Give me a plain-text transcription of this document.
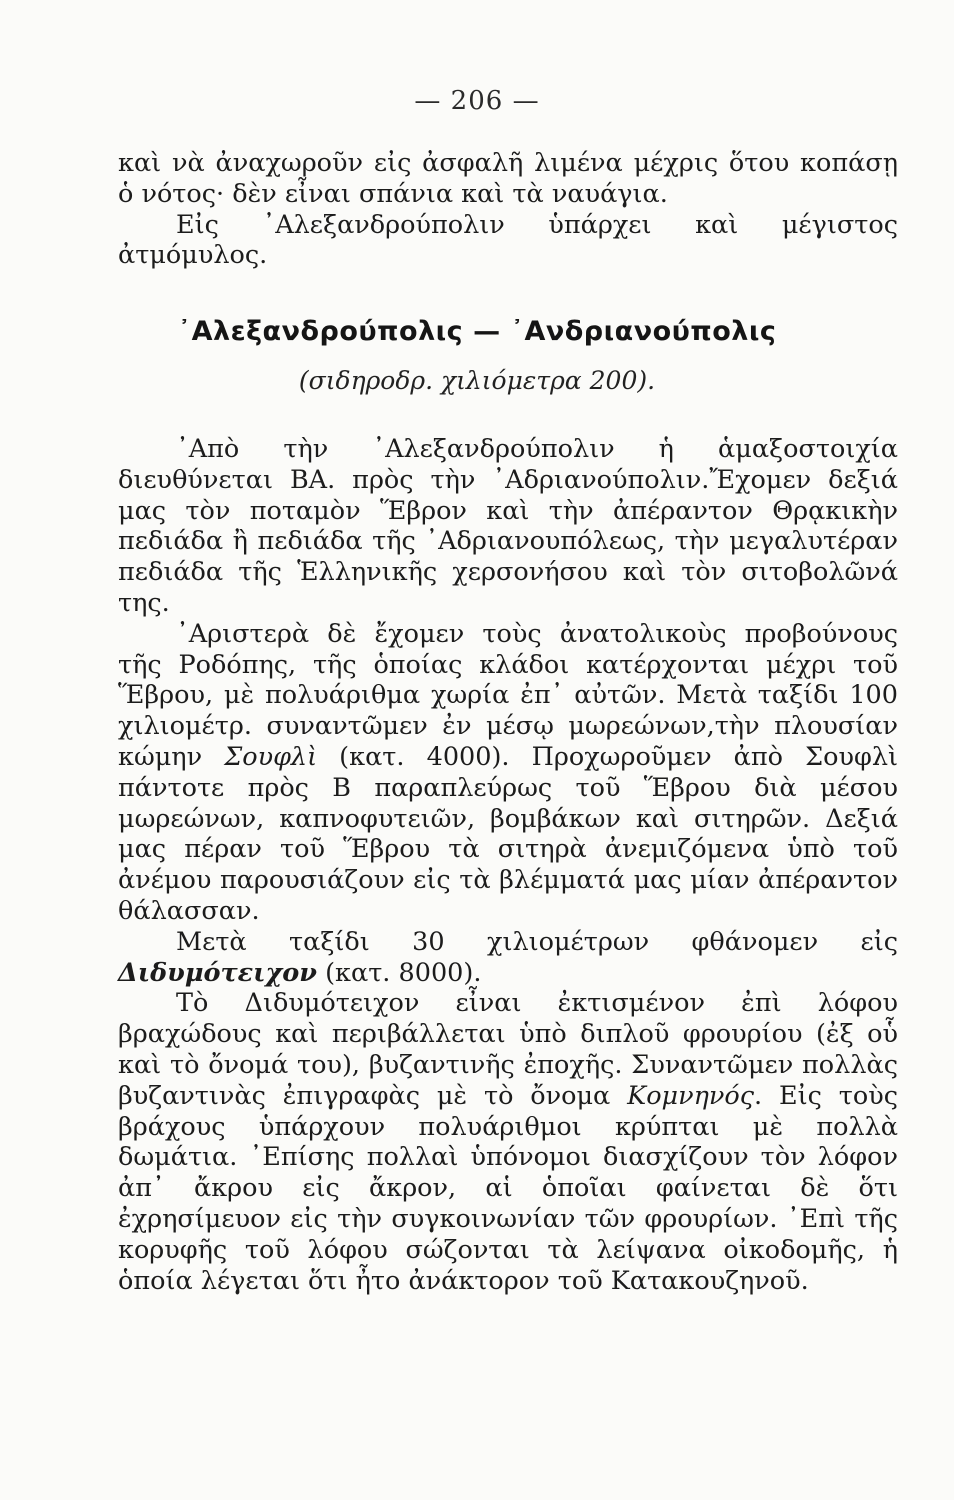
— 206 —

καὶ νὰ ἀναχωροῦν εἰς ἀσφαλῆ λιμένα μέχρις ὅτου κοπάσῃ ὁ νότος· δὲν εἶναι σπάνια καὶ τὰ ναυάγια.

Εἰς ᾿Αλεξανδρούπολιν ὑπάρχει καὶ μέγιστος ἀτμόμυλος.

᾿Αλεξανδρούπολις — ᾿Ανδριανούπολις
(σιδηροδρ. χιλιόμετρα 200).

᾿Απὸ τὴν ᾿Αλεξανδρούπολιν ἡ ἁμαξοστοιχία διευθύνεται ΒΑ. πρὸς τὴν ᾿Αδριανούπολιν.Ἔχομεν δεξιά μας τὸν ποταμὸν Ἕβρον καὶ τὴν ἀπέραντον Θρᾳκικὴν πεδιάδα ἢ πεδιάδα τῆς ᾿Αδριανουπόλεως, τὴν μεγαλυτέραν πεδιάδα τῆς Ἑλληνικῆς χερσονήσου καὶ τὸν σιτοβολῶνά της.

᾿Αριστερὰ δὲ ἔχομεν τοὺς ἀνατολικοὺς προβούνους τῆς Ροδόπης, τῆς ὁποίας κλάδοι κατέρχονται μέχρι τοῦ Ἕβρου, μὲ πολυάριθμα χωρία ἐπ᾿ αὐτῶν. Μετὰ ταξίδι 100 χιλιομέτρ. συναντῶμεν ἐν μέσῳ μωρεώνων,τὴν πλουσίαν κώμην Σουφλὶ (κατ. 4000). Προχωροῦμεν ἀπὸ Σουφλὶ πάντοτε πρὸς Β παραπλεύρως τοῦ Ἕβρου διὰ μέσου μωρεώνων, καπνοφυτειῶν, βομβάκων καὶ σιτηρῶν. Δεξιά μας πέραν τοῦ Ἕβρου τὰ σιτηρὰ ἀνεμιζόμενα ὑπὸ τοῦ ἀνέμου παρουσιάζουν εἰς τὰ βλέμματά μας μίαν ἀπέραντον θάλασσαν.

Μετὰ ταξίδι 30 χιλιομέτρων φθάνομεν εἰς Διδυμότειχον (κατ. 8000).

Τὸ Διδυμότειχον εἶναι ἐκτισμένον ἐπὶ λόφου βραχώδους καὶ περιβάλλεται ὑπὸ διπλοῦ φρουρίου (ἐξ οὗ καὶ τὸ ὄνομά του), βυζαντινῆς ἐποχῆς. Συναντῶμεν πολλὰς βυζαντινὰς ἐπιγραφὰς μὲ τὸ ὄνομα Κομνηνός. Εἰς τοὺς βράχους ὑπάρχουν πολυάριθμοι κρύπται μὲ πολλὰ δωμάτια. ᾿Επίσης πολλαὶ ὑπόνομοι διασχίζουν τὸν λόφον ἀπ᾿ ἄκρου εἰς ἄκρον, αἱ ὁποῖαι φαίνεται δὲ ὅτι ἐχρησίμευον εἰς τὴν συγκοινωνίαν τῶν φρουρίων. ᾿Επὶ τῆς κορυφῆς τοῦ λόφου σώζονται τὰ λείψανα οἰκοδομῆς, ἡ ὁποία λέγεται ὅτι ἦτο ἀνάκτορον τοῦ Κατακουζηνοῦ.
